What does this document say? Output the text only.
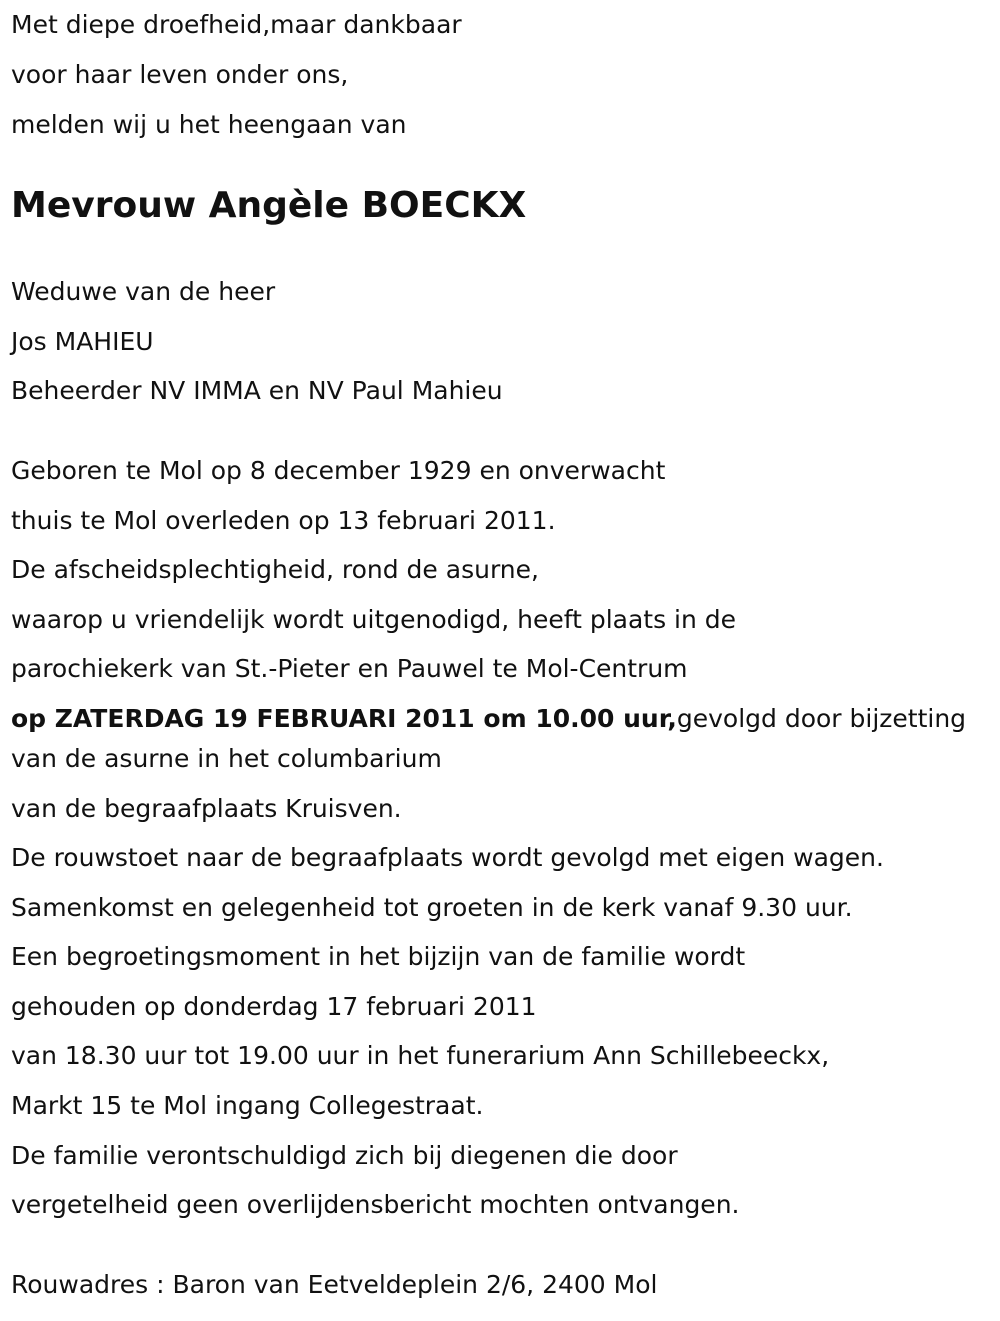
Met diepe droefheid,maar dankbaar

voor haar leven onder ons,

melden wij u het heengaan van

Mevrouw Angèle BOECKX

Weduwe van de heer

Jos MAHIEU

Beheerder NV IMMA en NV Paul Mahieu

Geboren te Mol op 8 december 1929 en onverwacht

thuis te Mol overleden op 13 februari 2011.

De afscheidsplechtigheid, rond de asurne,

waarop u vriendelijk wordt uitgenodigd, heeft plaats in de

parochiekerk van St.-Pieter en Pauwel te Mol-Centrum

op ZATERDAG 19 FEBRUARI 2011 om 10.00 uur,gevolgd door bijzetting

van de asurne in het columbarium

van de begraafplaats Kruisven.

De rouwstoet naar de begraafplaats wordt gevolgd met eigen wagen.

Samenkomst en gelegenheid tot groeten in de kerk vanaf 9.30 uur.

Een begroetingsmoment in het bijzijn van de familie wordt

gehouden op donderdag 17 februari 2011

van 18.30 uur tot 19.00 uur in het funerarium Ann Schillebeeckx,

Markt 15 te Mol ingang Collegestraat.

De familie verontschuldigd zich bij diegenen die door

vergetelheid geen overlijdensbericht mochten ontvangen.

Rouwadres : Baron van Eetveldeplein 2/6, 2400 Mol
